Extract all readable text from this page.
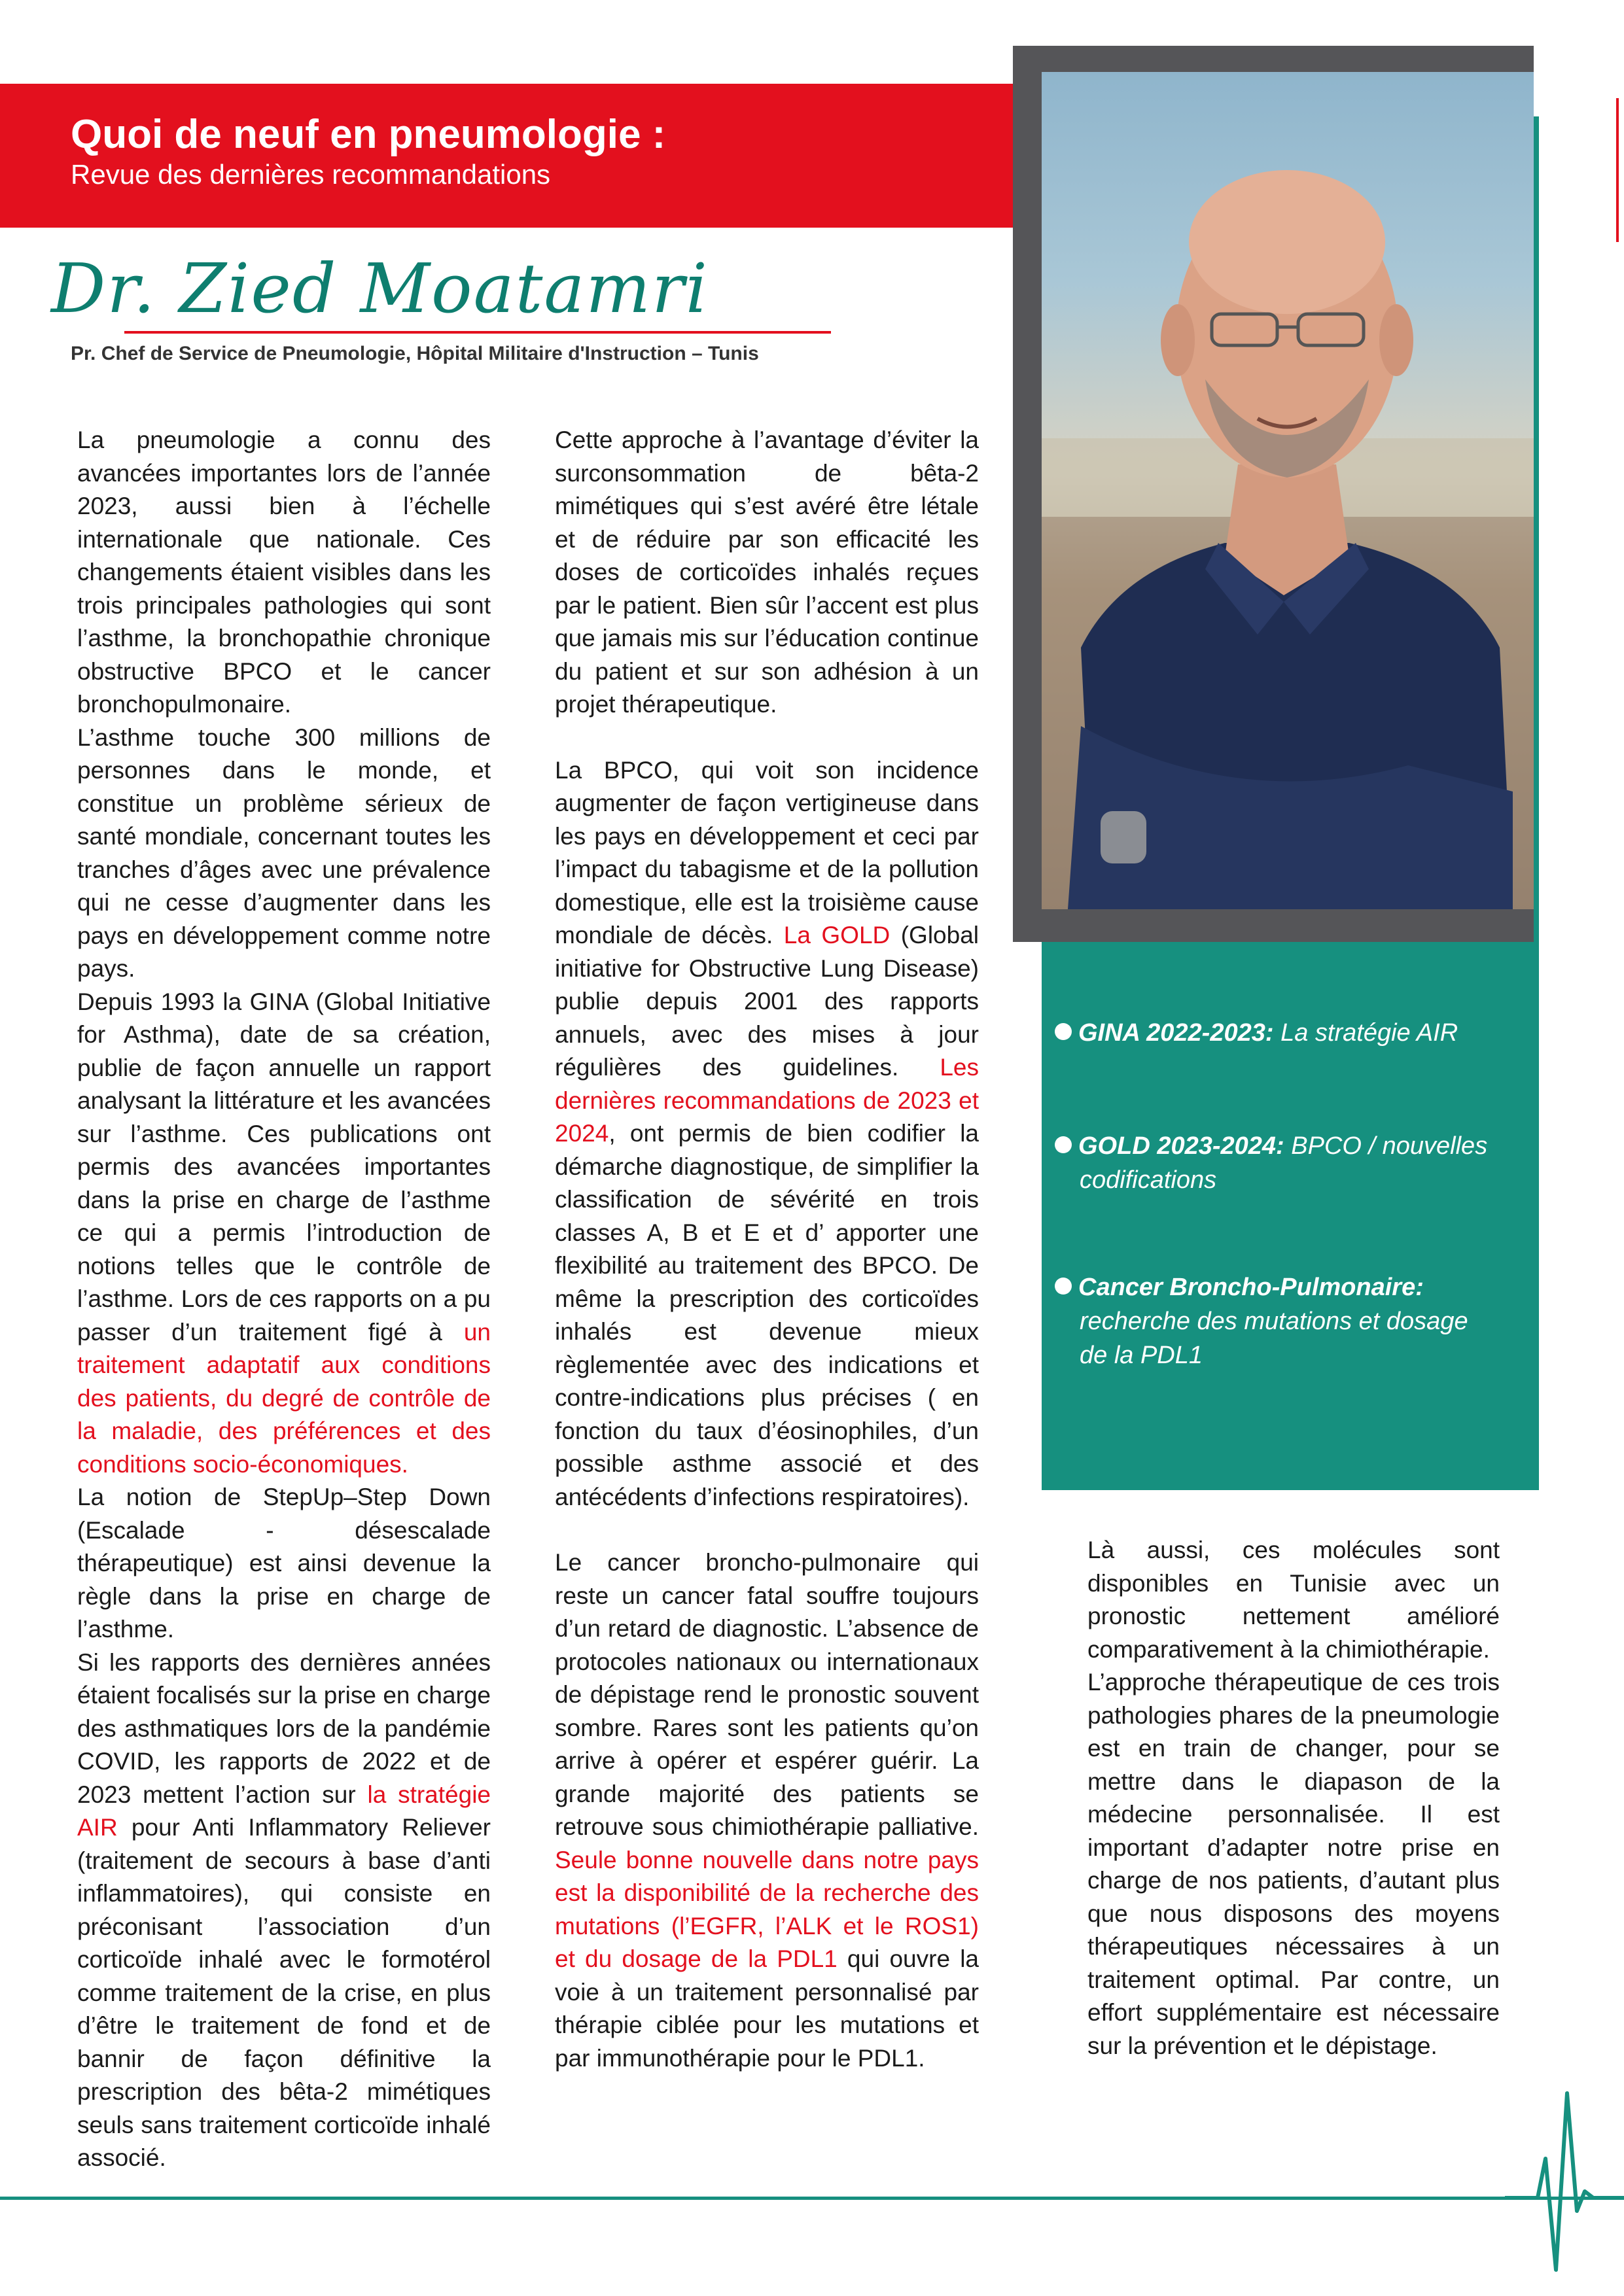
Quoi de neuf en pneumologie :
Revue des dernières recommandations
Dr. Zied Moatamri
Pr. Chef de Service de Pneumologie, Hôpital Militaire d'Instruction – Tunis

La pneumologie a connu des avancées importantes lors de l’année 2023, aussi bien à l’échelle internationale que nationale. Ces changements étaient visibles dans les trois principales pathologies qui sont l’asthme, la bronchopathie chronique obstructive BPCO et le cancer bronchopulmonaire.

L’asthme touche 300 millions de personnes dans le monde, et constitue un problème sérieux de santé mondiale, concernant toutes les tranches d’âges avec une prévalence qui ne cesse d’augmenter dans les pays en développement comme notre pays.

Depuis 1993 la GINA (Global Initiative for Asthma), date de sa création, publie de façon annuelle un rapport analysant la littérature et les avancées sur l’asthme. Ces publications ont permis des avancées importantes dans la prise en charge de l’asthme ce qui a permis l’introduction de notions telles que le contrôle de l’asthme. Lors de ces rapports on a pu passer d’un traitement figé à un traitement adaptatif aux conditions des patients, du degré de contrôle de la maladie, des préférences et des conditions socio-économiques.

La notion de StepUp–Step Down (Escalade - désescalade thérapeutique) est ainsi devenue la règle dans la prise en charge de l’asthme.

Si les rapports des dernières années étaient focalisés sur la prise en charge des asthmatiques lors de la pandémie COVID, les rapports de 2022 et de 2023 mettent l’action sur la stratégie AIR pour Anti Inflammatory Reliever (traitement de secours à base d’anti inflammatoires), qui consiste en préconisant l’association d’un corticoïde inhalé avec le formotérol comme traitement de la crise, en plus d’être le traitement de fond et de bannir de façon définitive la prescription des bêta-2 mimétiques seuls sans traitement corticoïde inhalé associé.

Cette approche à l’avantage d’éviter la surconsommation de bêta-2 mimétiques qui s’est avéré être létale et de réduire par son efficacité les doses de corticoïdes inhalés reçues par le patient. Bien sûr l’accent est plus que jamais mis sur l’éducation continue du patient et sur son adhésion à un projet thérapeutique.

La BPCO, qui voit son incidence augmenter de façon vertigineuse dans les pays en développement et ceci par l’impact du tabagisme et de la pollution domestique, elle est la troisième cause mondiale de décès. La GOLD (Global initiative for Obstructive Lung Disease) publie depuis 2001 des rapports annuels, avec des mises à jour régulières des guidelines. Les dernières recommandations de 2023 et 2024, ont permis de bien codifier la démarche diagnostique, de simplifier la classification de sévérité en trois classes A, B et E et d’ apporter une flexibilité au traitement des BPCO. De même la prescription des corticoïdes inhalés est devenue mieux règlementée avec des indications et contre-indications plus précises ( en fonction du taux d’éosinophiles, d’un possible asthme associé et des antécédents d’infections respiratoires).

Le cancer broncho-pulmonaire qui reste un cancer fatal souffre toujours d’un retard de diagnostic. L’absence de protocoles nationaux ou internationaux de dépistage rend le pronostic souvent sombre. Rares sont les patients qu’on arrive à opérer et espérer guérir. La grande majorité des patients se retrouve sous chimiothérapie palliative. Seule bonne nouvelle dans notre pays est la disponibilité de la recherche des mutations (l’EGFR, l’ALK et le ROS1) et du dosage de la PDL1 qui ouvre la voie à un traitement personnalisé par thérapie ciblée pour les mutations et par immunothérapie pour le PDL1.

GINA 2022-2023: La stratégie AIR
GOLD 2023-2024: BPCO / nouvelles
codifications
Cancer Broncho-Pulmonaire:
recherche des mutations et dosage
de la PDL1

Là aussi, ces molécules sont disponibles en Tunisie avec un pronostic nettement amélioré comparativement à la chimiothérapie.

L’approche thérapeutique de ces trois pathologies phares de la pneumologie est en train de changer, pour se mettre dans le diapason de la médecine personnalisée. Il est important d’adapter notre prise en charge de nos patients, d’autant plus que nous disposons des moyens thérapeutiques nécessaires à un traitement optimal. Par contre, un effort supplémentaire est nécessaire sur la prévention et le dépistage.
